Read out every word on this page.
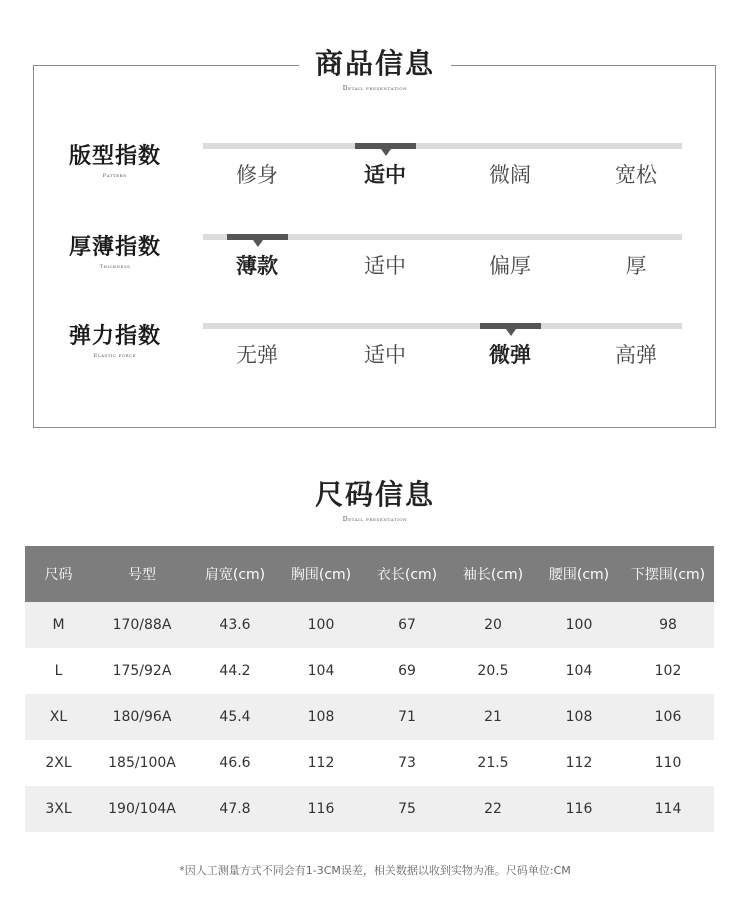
商品信息
Detail presentation
版型指数
Pattern	修身	适中	微阔	宽松
厚薄指数
Thickness	薄款	适中	偏厚	厚
弹力指数
Elastic force	无弹	适中	微弹	高弹
尺码信息
Detail presentation
尺码	号型	肩宽(cm)	胸围(cm)	衣长(cm)	袖长(cm)	腰围(cm)	下摆围(cm)
M	170/88A	43.6	100	67	20	100	98
L	175/92A	44.2	104	69	20.5	104	102
XL	180/96A	45.4	108	71	21	108	106
2XL	185/100A	46.6	112	73	21.5	112	110
3XL	190/104A	47.8	116	75	22	116	114
*因人工测量方式不同会有1-3CM误差，相关数据以收到实物为准。尺码单位:CM
